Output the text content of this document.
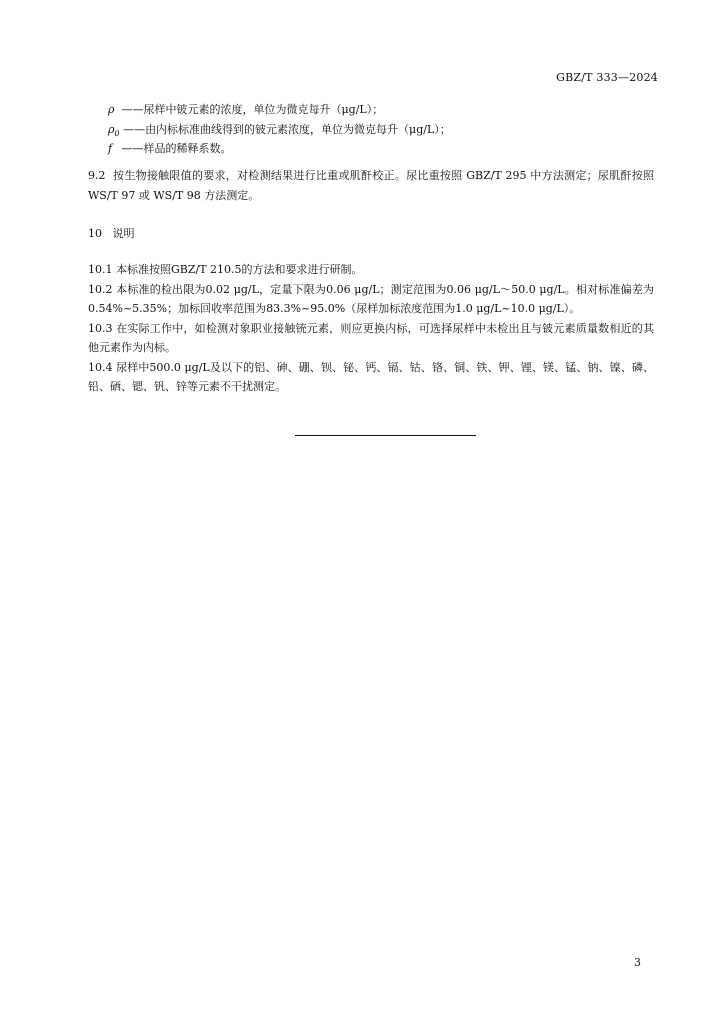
GBZ/T 333—2024
ρ ——尿样中铍元素的浓度，单位为微克每升（μg/L）；
$\rho_0$ ——由内标标准曲线得到的铍元素浓度，单位为微克每升（μg/L）；
f ——样品的稀释系数。
9.2 按生物接触限值的要求，对检测结果进行比重或肌酐校正。尿比重按照 GBZ/T 295 中方法测定；尿肌酐按照 WS/T 97 或 WS/T 98 方法测定。
10 说明
10.1 本标准按照GBZ/T 210.5的方法和要求进行研制。
10.2 本标准的检出限为0.02 μg/L，定量下限为0.06 μg/L；测定范围为0.06 μg/L～50.0 μg/L。相对标准偏差为0.54%~5.35%；加标回收率范围为83.3%~95.0%（尿样加标浓度范围为1.0 μg/L~10.0 μg/L）。
10.3 在实际工作中，如检测对象职业接触铳元素，则应更换内标，可选择尿样中未检出且与铍元素质量数相近的其他元素作为内标。
10.4 尿样中500.0 μg/L及以下的铝、砷、硼、钡、铋、钙、镉、钴、铬、铜、铁、钾、锂、镁、锰、钠、镍、磷、铅、硒、锶、钒、锌等元素不干扰测定。
3
